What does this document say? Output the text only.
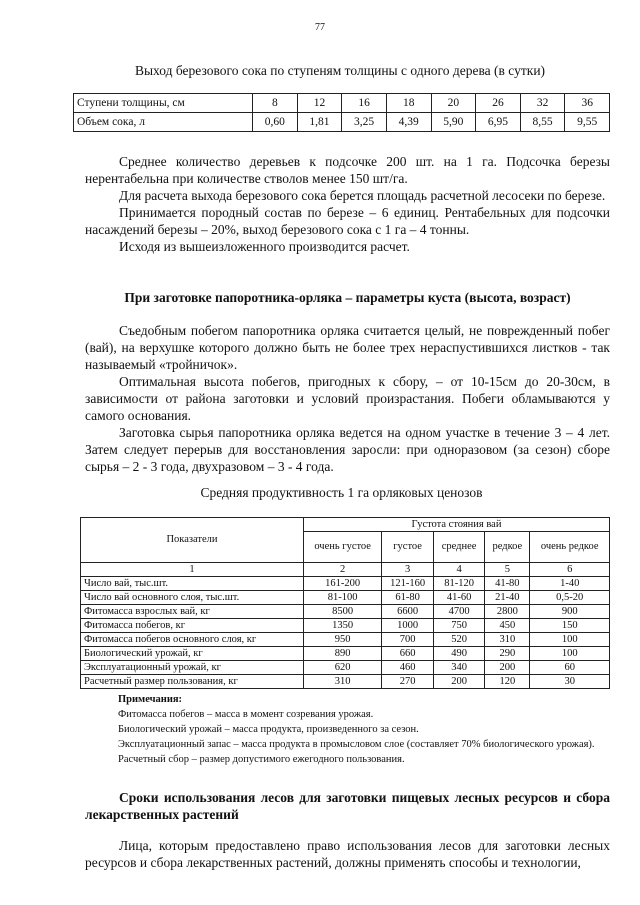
77
Выход березового сока по ступеням толщины с одного дерева (в сутки)
Ступени толщины, см	8	12	16	18	20	26	32	36
Объем сока, л	0,60	1,81	3,25	4,39	5,90	6,95	8,55	9,55

Среднее количество деревьев к подсочке 200 шт. на 1 га. Подсочка березы нерентабельна при количестве стволов менее 150 шт/га.

Для расчета выхода березового сока берется площадь расчетной лесосеки по березе.

Принимается породный состав по березе – 6 единиц. Рентабельных для подсочки насаждений березы – 20%, выход березового сока с 1 га – 4 тонны.

Исходя из вышеизложенного производится расчет.

При заготовке папоротника-орляка – параметры куста (высота, возраст)

Съедобным побегом папоротника орляка считается целый, не поврежденный побег (вай), на верхушке которого должно быть не более трех нераспустившихся листков - так называемый «тройничок».

Оптимальная высота побегов, пригодных к сбору, – от 10-15см до 20-30см, в зависимости от района заготовки и условий произрастания. Побеги обламываются у самого основания.

Заготовка сырья папоротника орляка ведется на одном участке в течение 3 – 4 лет. Затем следует перерыв для восстановления заросли: при одноразовом (за сезон) сборе сырья – 2 - 3 года, двухразовом – 3 - 4 года.

Средняя продуктивность 1 га орляковых ценозов
Показатели	Густота стояния вай				
	очень густое	густое	среднее	редкое	очень редкое
1	2	3	4	5	6
Число вай, тыс.шт.	161-200	121-160	81-120	41-80	1-40
Число вай основного слоя, тыс.шт.	81-100	61-80	41-60	21-40	0,5-20
Фитомасса взрослых вай, кг	8500	6600	4700	2800	900
Фитомасса побегов, кг	1350	1000	750	450	150
Фитомасса побегов основного слоя, кг	950	700	520	310	100
Биологический урожай, кг	890	660	490	290	100
Эксплуатационный урожай, кг	620	460	340	200	60
Расчетный размер пользования, кг	310	270	200	120	30

Примечания:

Фитомасса побегов – масса в момент созревания урожая.

Биологический урожай – масса продукта, произведенного за сезон.

Эксплуатационный запас – масса продукта в промысловом слое (составляет 70% биологического урожая).

Расчетный сбор – размер допустимого ежегодного пользования.

Сроки использования лесов для заготовки пищевых лесных ресурсов и сбора лекарственных растений

Лица, которым предоставлено право использования лесов для заготовки лесных ресурсов и сбора лекарственных растений, должны применять способы и технологии,
